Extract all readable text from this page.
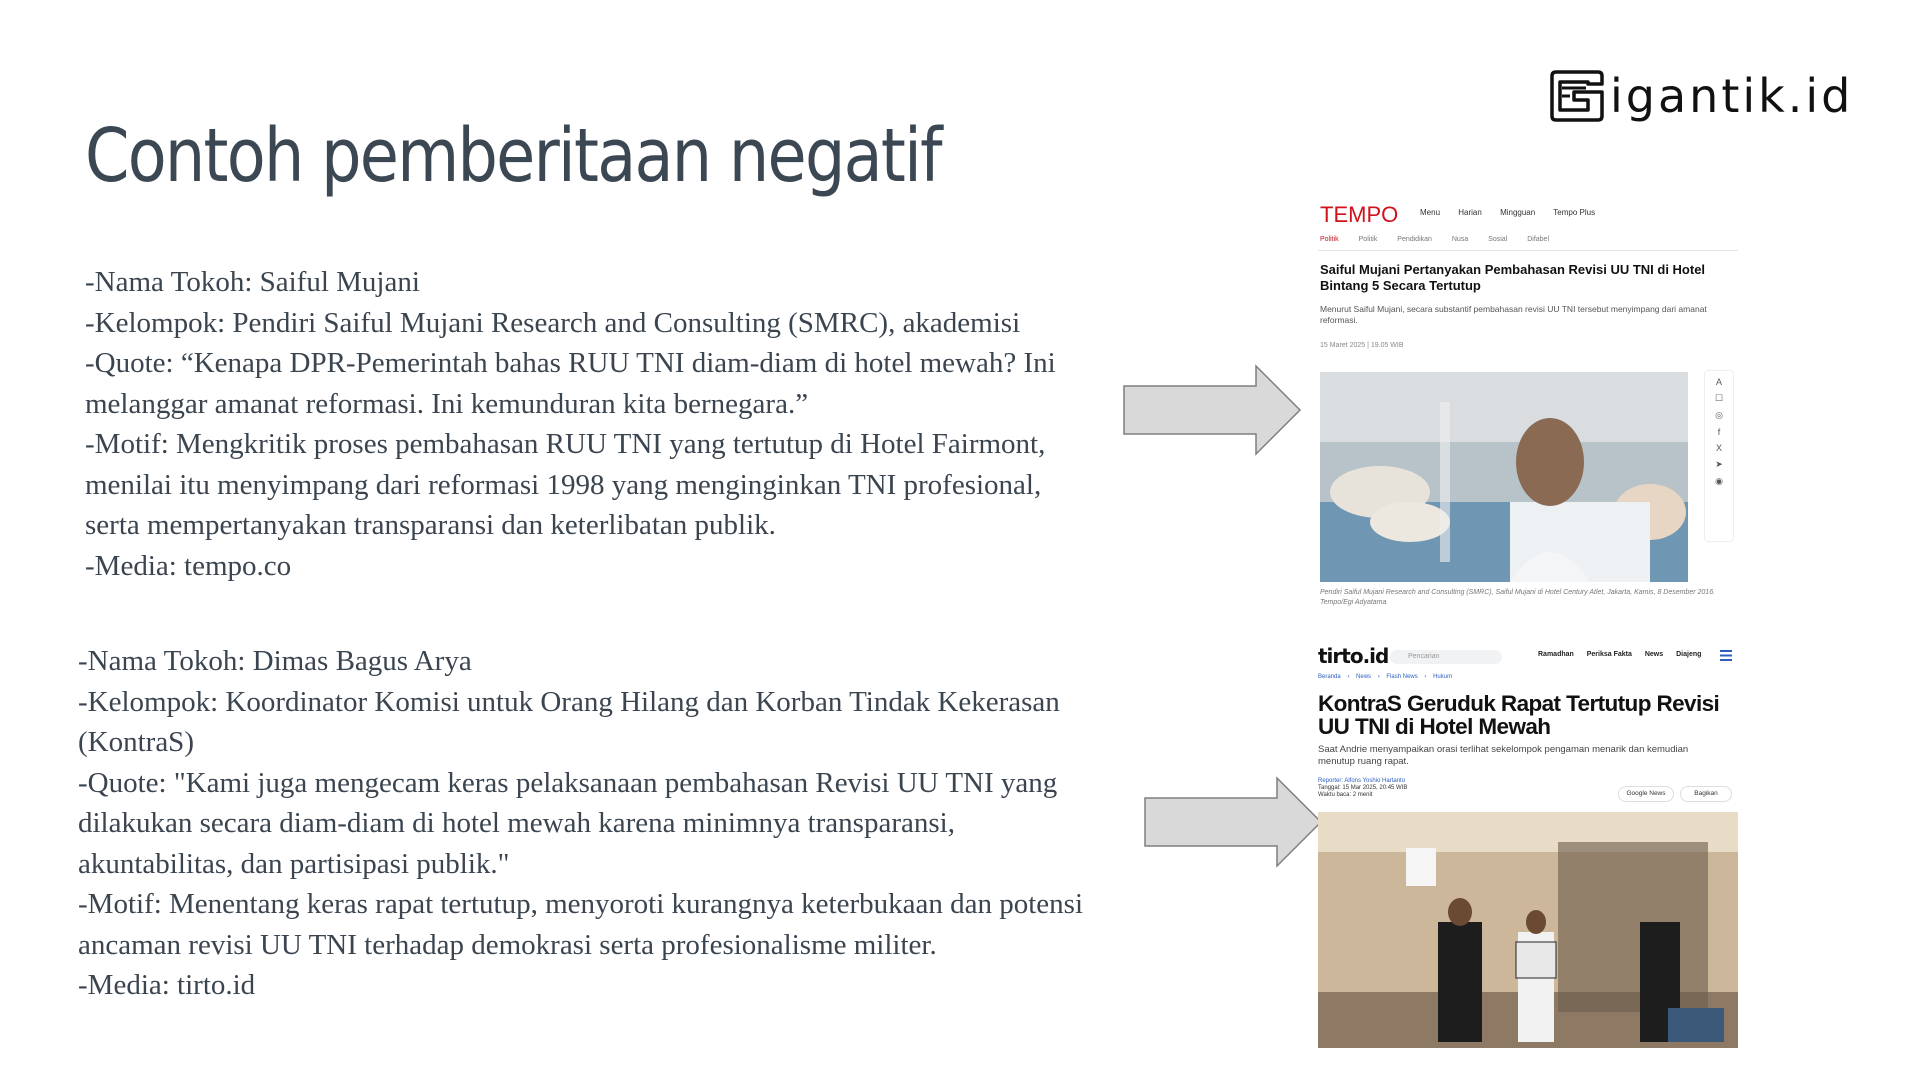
igantik.id
Contoh pemberitaan negatif

-Nama Tokoh: Saiful Mujani

-Kelompok: Pendiri Saiful Mujani Research and Consulting (SMRC), akademisi

-Quote: “Kenapa DPR-Pemerintah bahas RUU TNI diam-diam di hotel mewah? Ini

melanggar amanat reformasi. Ini kemunduran kita bernegara.”

-Motif: Mengkritik proses pembahasan RUU TNI yang tertutup di Hotel Fairmont,

menilai itu menyimpang dari reformasi 1998 yang menginginkan TNI profesional,

serta mempertanyakan transparansi dan keterlibatan publik.

-Media: tempo.co

-Nama Tokoh: Dimas Bagus Arya

-Kelompok: Koordinator Komisi untuk Orang Hilang dan Korban Tindak Kekerasan

(KontraS)

-Quote: "Kami juga mengecam keras pelaksanaan pembahasan Revisi UU TNI yang

dilakukan secara diam-diam di hotel mewah karena minimnya transparansi,

akuntabilitas, dan partisipasi publik."

-Motif: Menentang keras rapat tertutup, menyoroti kurangnya keterbukaan dan potensi

ancaman revisi UU TNI terhadap demokrasi serta profesionalisme militer.

-Media: tirto.id

TEMPO	Menu Harian Mingguan Tempo Plus
Politik	Politik	Pendidikan	Nusa	Sosial	Difabel
Saiful Mujani Pertanyakan Pembahasan Revisi UU TNI di Hotel Bintang 5 Secara Tertutup
Menurut Saiful Mujani, secara substantif pembahasan revisi UU TNI tersebut menyimpang dari amanat reformasi.
15 Maret 2025 | 19.05 WIB
A
☐
◎
f
X
➤
◉
Pendiri Saiful Mujani Research and Consulting (SMRC), Saiful Mujani di Hotel Century Atlet, Jakarta, Kamis, 8 Desember 2016. Tempo/Egi Adyatama
tirto.id	Pencarian	Ramadhan Periksa Fakta News Diajeng
Beranda › News › Flash News › Hukum
KontraS Geruduk Rapat Tertutup Revisi UU TNI di Hotel Mewah
Saat Andrie menyampaikan orasi terlihat sekelompok pengaman menarik dan kemudian menutup ruang rapat.
Reporter: Alfons Yoshio Hartanto
Tanggal: 15 Mar 2025, 20:45 WIB
Waktu baca: 2 menit	Google News	Bagikan
